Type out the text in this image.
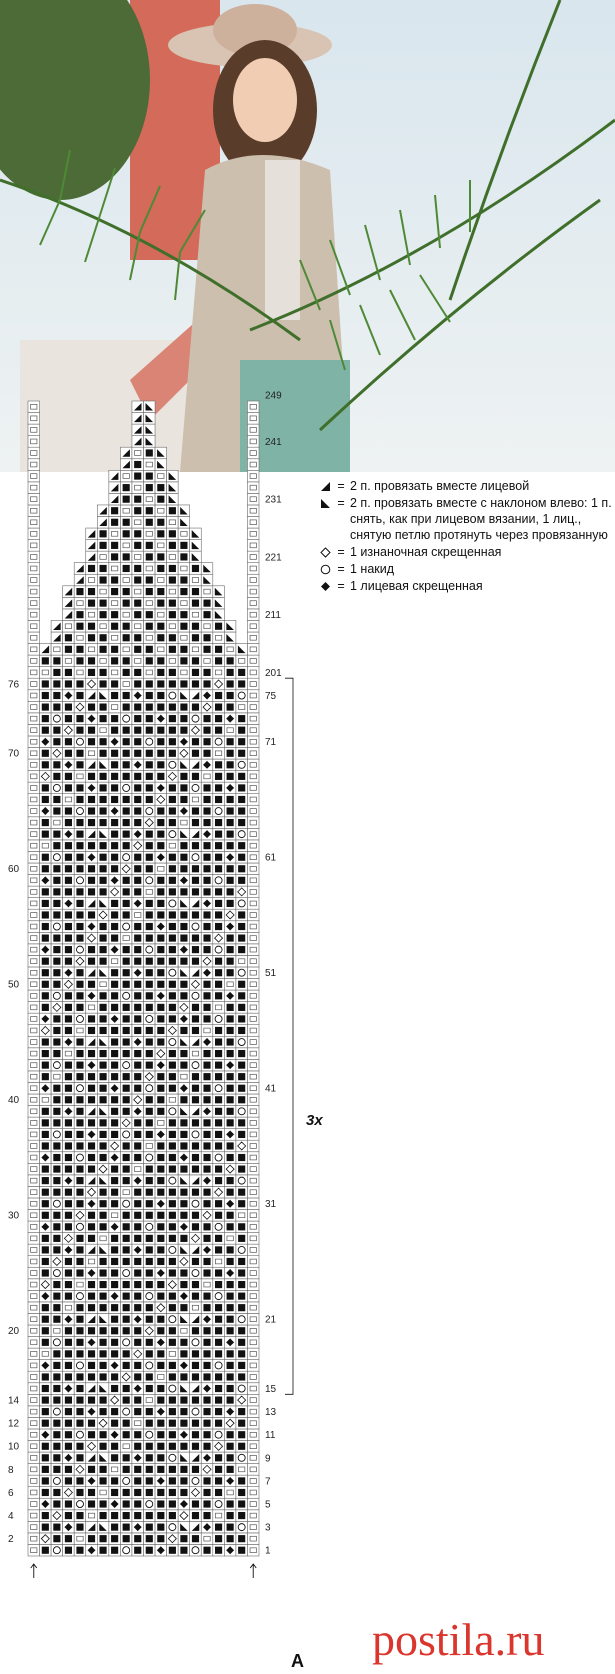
2
4
6
8
10
12
14
20
30
40
50
60
70
76
1
3
5
7
9
11
13
15
21
31
41
51
61
71
75
201
211
221
231
241
249
= 2 п. провязать вместе лицевой
= 2 п. провязать вместе с наклоном влево: 1 п. снять, как при лицевом вязании, 1 лиц., снятую петлю протянуть через провязанную
= 1 изнаночная скрещенная
= 1 накид
= 1 лицевая скрещенная
3x
A postila.ru
